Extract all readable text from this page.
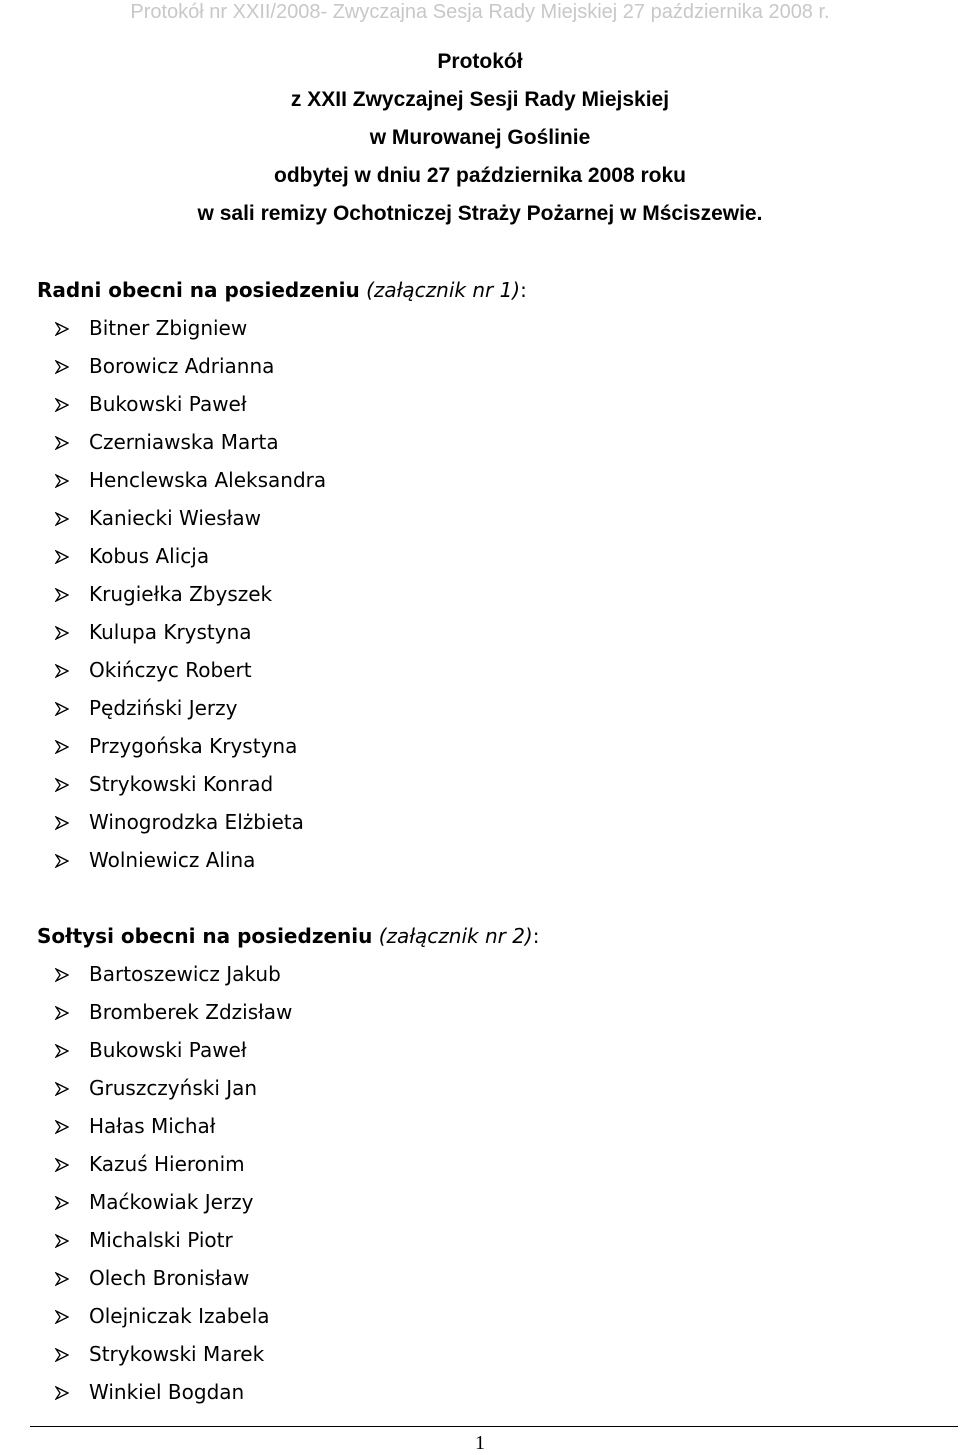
Protokół nr XXII/2008- Zwyczajna Sesja Rady Miejskiej 27 października 2008 r.
Protokół
z XXII Zwyczajnej Sesji Rady Miejskiej
w Murowanej Goślinie
odbytej w dniu 27 października 2008 roku
w sali remizy Ochotniczej Straży Pożarnej w Mściszewie.
Radni obecni na posiedzeniu (załącznik nr 1):
Bitner Zbigniew
Borowicz Adrianna
Bukowski Paweł
Czerniawska Marta
Henclewska Aleksandra
Kaniecki Wiesław
Kobus Alicja
Krugiełka Zbyszek
Kulupa Krystyna
Okińczyc Robert
Pędziński Jerzy
Przygońska Krystyna
Strykowski Konrad
Winogrodzka Elżbieta
Wolniewicz Alina
Sołtysi obecni na posiedzeniu (załącznik nr 2):
Bartoszewicz Jakub
Bromberek Zdzisław
Bukowski Paweł
Gruszczyński Jan
Hałas Michał
Kazuś Hieronim
Maćkowiak Jerzy
Michalski Piotr
Olech Bronisław
Olejniczak Izabela
Strykowski Marek
Winkiel Bogdan
1
